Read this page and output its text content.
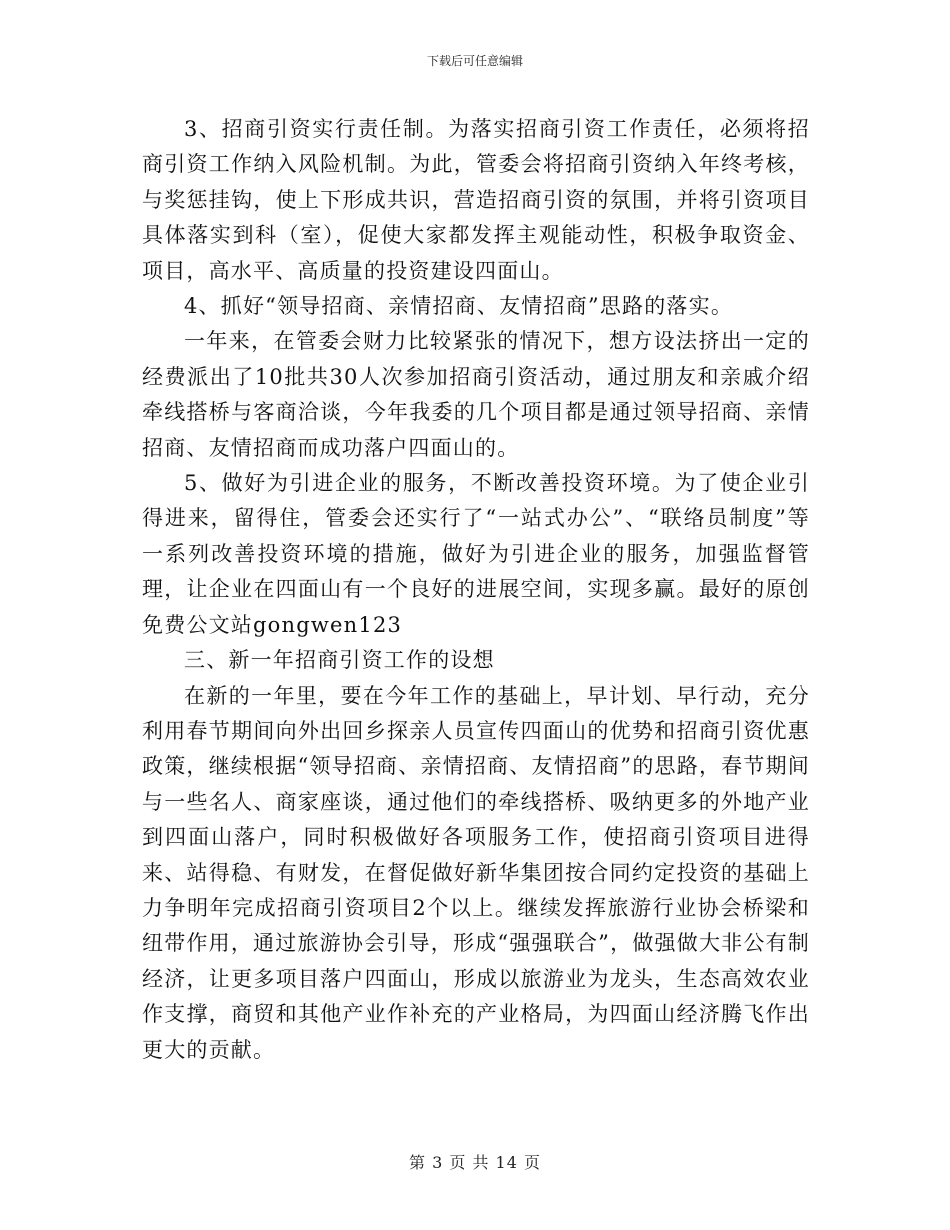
下载后可任意编辑

3、招商引资实行责任制。为落实招商引资工作责任，必须将招商引资工作纳入风险机制。为此，管委会将招商引资纳入年终考核，与奖惩挂钩，使上下形成共识，营造招商引资的氛围，并将引资项目具体落实到科（室），促使大家都发挥主观能动性，积极争取资金、项目，高水平、高质量的投资建设四面山。

4、抓好“领导招商、亲情招商、友情招商”思路的落实。

一年来，在管委会财力比较紧张的情况下，想方设法挤出一定的经费派出了10批共30人次参加招商引资活动，通过朋友和亲戚介绍牵线搭桥与客商洽谈，今年我委的几个项目都是通过领导招商、亲情招商、友情招商而成功落户四面山的。

5、做好为引进企业的服务，不断改善投资环境。为了使企业引得进来，留得住，管委会还实行了“一站式办公”、“联络员制度”等一系列改善投资环境的措施，做好为引进企业的服务，加强监督管理，让企业在四面山有一个良好的进展空间，实现多赢。最好的原创免费公文站gongwen123

三、新一年招商引资工作的设想

在新的一年里，要在今年工作的基础上，早计划、早行动，充分利用春节期间向外出回乡探亲人员宣传四面山的优势和招商引资优惠政策，继续根据“领导招商、亲情招商、友情招商”的思路，春节期间与一些名人、商家座谈，通过他们的牵线搭桥、吸纳更多的外地产业到四面山落户，同时积极做好各项服务工作，使招商引资项目进得来、站得稳、有财发，在督促做好新华集团按合同约定投资的基础上力争明年完成招商引资项目2个以上。继续发挥旅游行业协会桥梁和纽带作用，通过旅游协会引导，形成“强强联合”，做强做大非公有制经济，让更多项目落户四面山，形成以旅游业为龙头，生态高效农业作支撑，商贸和其他产业作补充的产业格局，为四面山经济腾飞作出更大的贡献。

第 3 页 共 14 页
